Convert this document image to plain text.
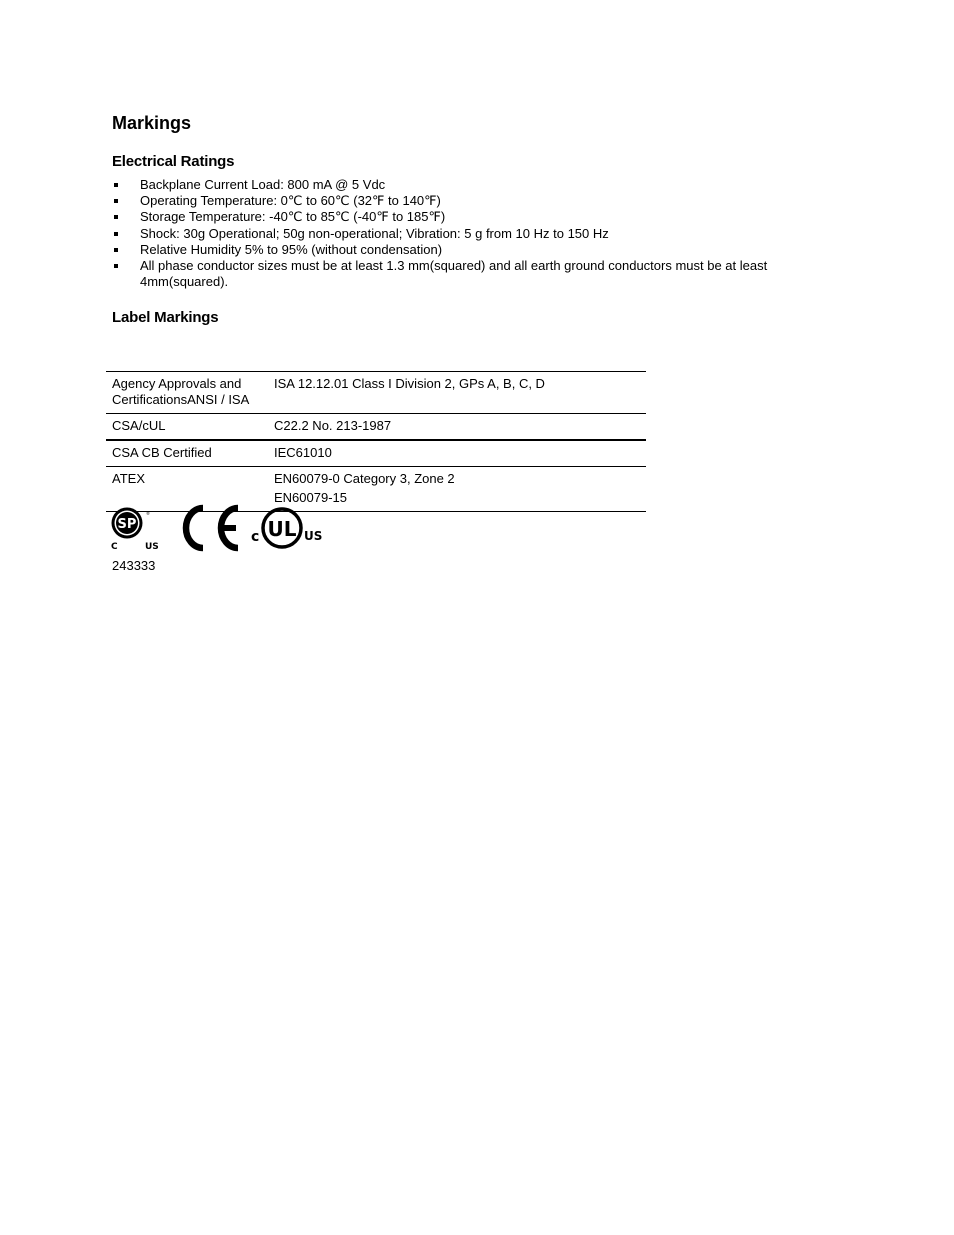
Markings
Electrical Ratings
Backplane Current Load: 800 mA @ 5 Vdc
Operating Temperature: 0℃ to 60℃ (32℉ to 140℉)
Storage Temperature: -40℃ to 85℃ (-40℉ to 185℉)
Shock: 30g Operational; 50g non-operational; Vibration: 5 g from 10 Hz to 150 Hz
Relative Humidity 5% to 95% (without condensation)
All phase conductor sizes must be at least 1.3 mm(squared) and all earth ground conductors must be at least 4mm(squared).
Label Markings
Agency Approvals and CertificationsANSI / ISA	ISA 12.12.01 Class I Division 2, GPs A, B, C, D
CSA/cUL	C22.2 No. 213-1987
CSA CB Certified	IEC61010
ATEX	EN60079-0 Category 3, Zone 2
EN60079-15
SP
®
C	US
c UL US
243333
